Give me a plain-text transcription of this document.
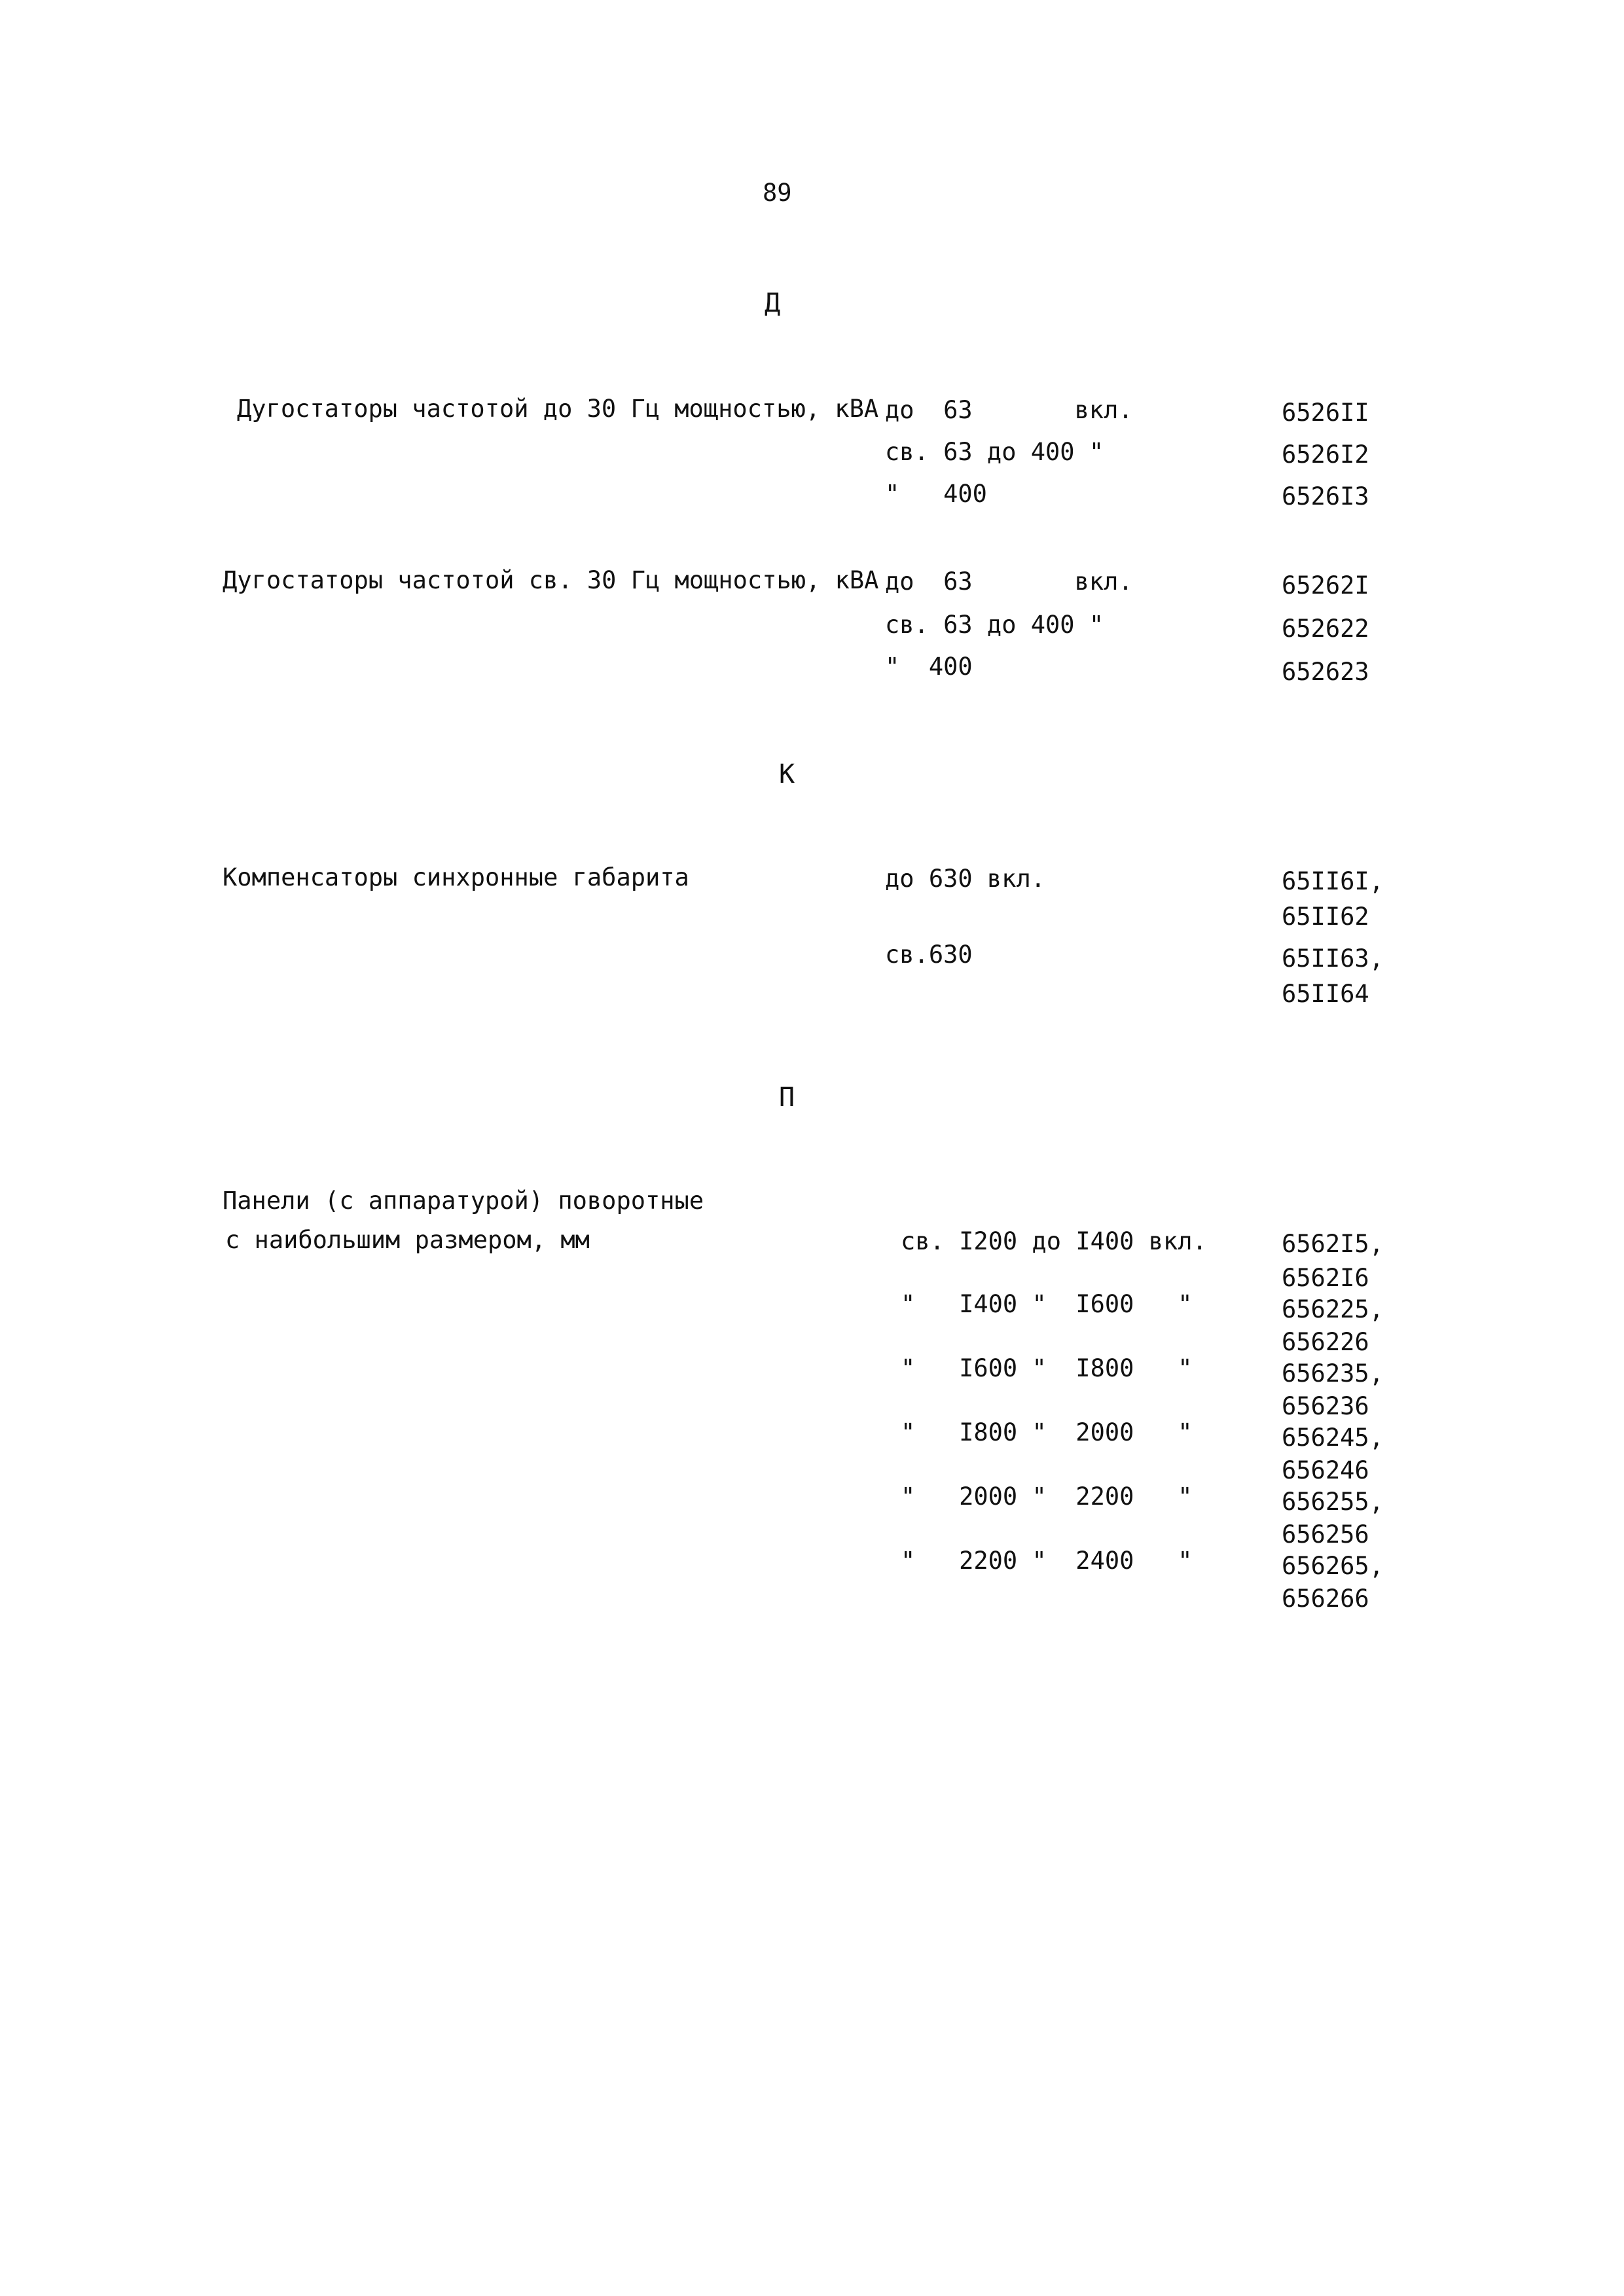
89
Д
Дугостаторы частотой до 30 Гц мощностью, кВА до  63       вкл.	6526II
св. 63 до 400 "	6526I2
"   400	6526I3
Дугостаторы частотой св. 30 Гц мощностью, кВА до  63       вкл.	65262I
св. 63 до 400 "	652622
"  400	652623
К
Компенсаторы синхронные габарита	до 630 вкл.	65II6I,
65II62
св.630	65II63,
65II64
П
Панели (с аппаратурой) поворотные
с наибольшим размером, мм	св. I200 до I400 вкл.	6562I5,
6562I6
"   I400 "  I600   "	656225,
656226
"   I600 "  I800   "	656235,
656236
"   I800 "  2000   "	656245,
656246
"   2000 "  2200   "	656255,
656256
"   2200 "  2400   "	656265,
656266
